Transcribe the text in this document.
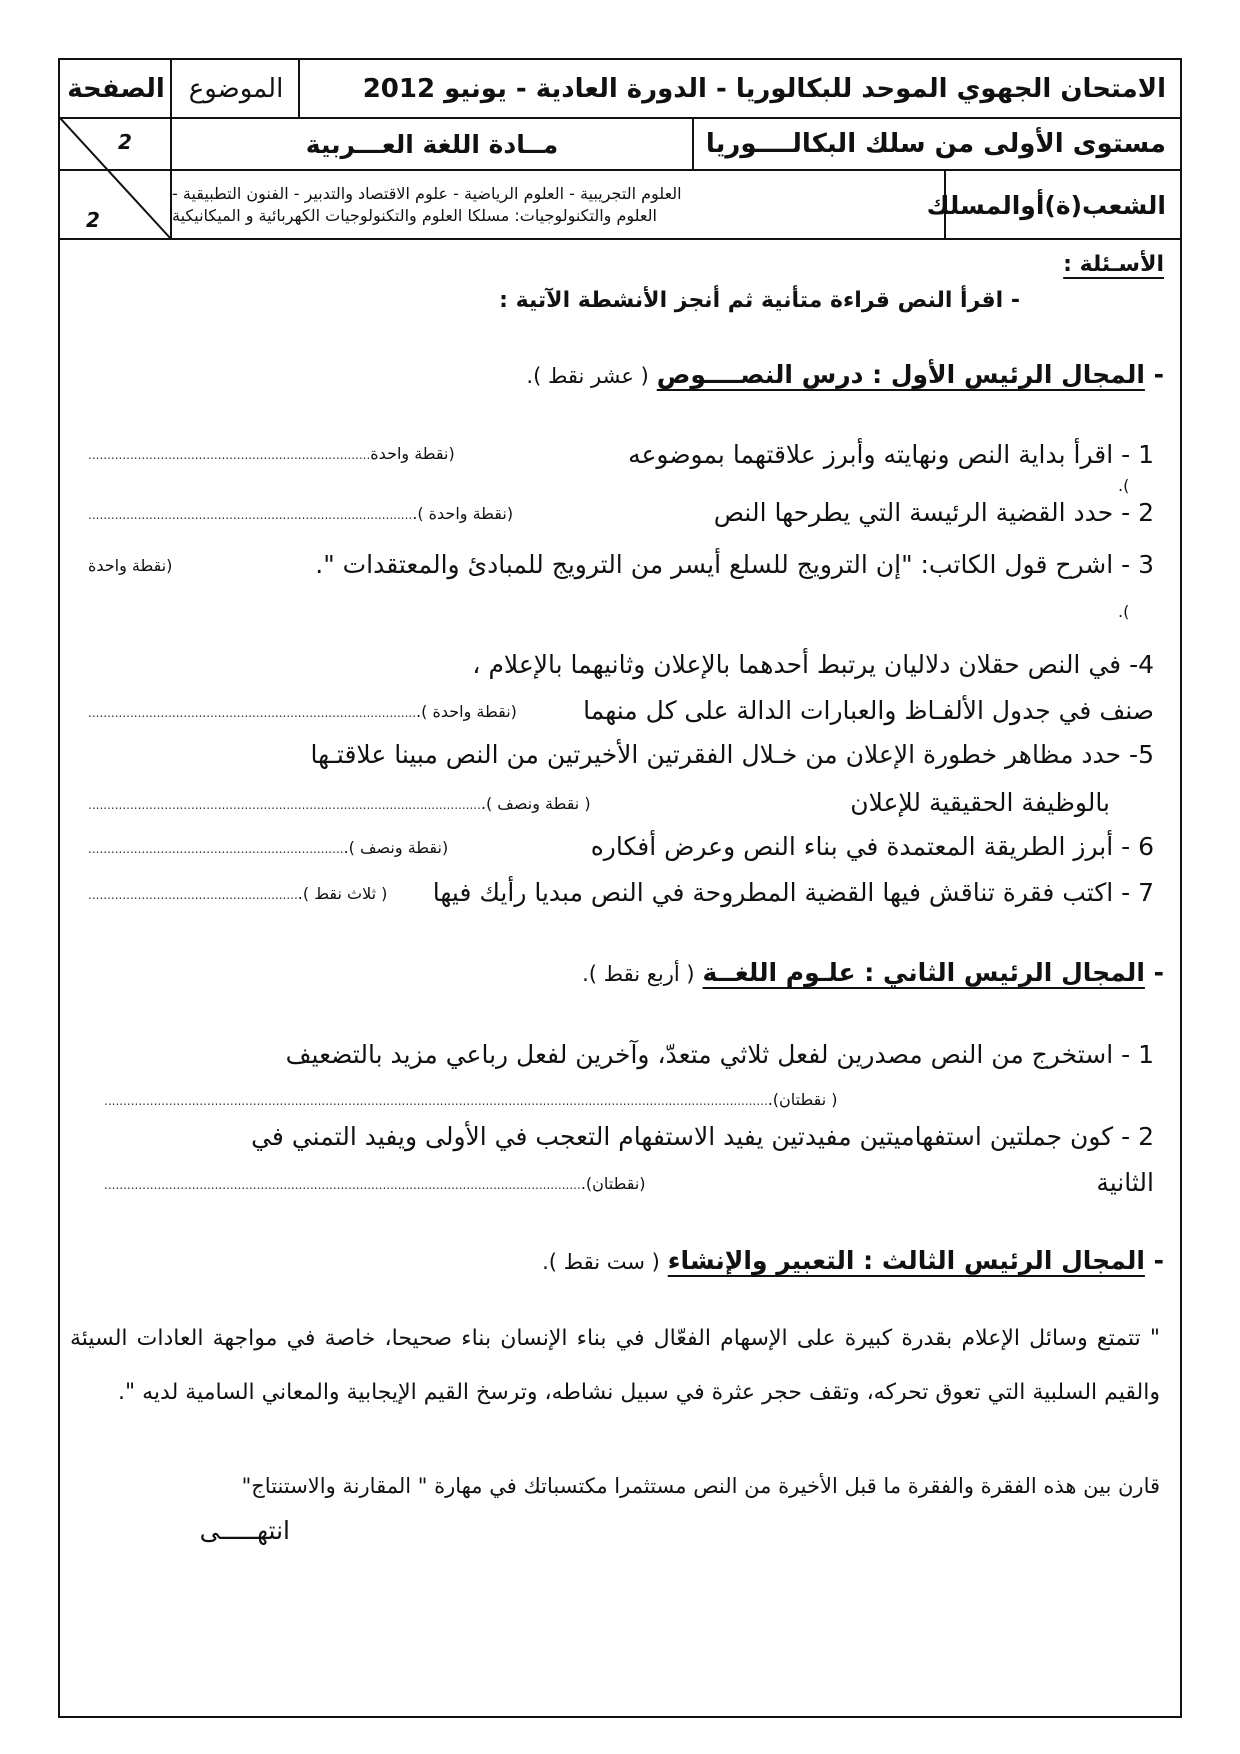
الامتحان الجهوي الموحد للبكالوريا - الدورة العادية - يونيو 2012
الموضوع
الصفحة
2
2
مستوى الأولى من سلك البكالــــوريا
مــادة اللغة العـــربية
الشعب(ة)أوالمسلك
العلوم التجريبية - العلوم الرياضية - علوم الاقتصاد والتدبير - الفنون التطبيقية -
العلوم والتكنولوجيات: مسلكا العلوم والتكنولوجيات الكهربائية و الميكانيكية
الأسـئلة :
- اقرأ النص قراءة متأنية ثم أنجز الأنشطة الآتية :
- المجال الرئيس الأول : درس النصــــوص ( عشر نقط ).
1 - اقرأ بداية النص ونهايته وأبرز علاقتهما بموضوعه
(نقطة واحدة..........................................................................
).
2 - حدد القضية الرئيسة التي يطرحها النص
(نقطة واحدة )......................................................................................
3 - اشرح قول الكاتب: "إن الترويج للسلع أيسر من الترويج للمبادئ والمعتقدات ".
(نقطة واحدة
).
4- في النص حقلان دلاليان يرتبط أحدهما بالإعلان وثانيهما بالإعلام ،
صنف في جدول الألفـاظ والعبارات الدالة على كل منهما
(نقطة واحدة ).......................................................................................
5- حدد مظاهر خطورة الإعلان من خـلال الفقرتين الأخيرتين من النص مبينا علاقتـها
بالوظيفة الحقيقية للإعلان
( نقطة ونصف )........................................................................................................
6 - أبرز الطريقة المعتمدة في بناء النص وعرض أفكاره
(نقطة ونصف )....................................................................
7 - اكتب فقرة تناقش فيها القضية المطروحة في النص مبديا رأيك فيها
( ثلاث نقط )........................................................
- المجال الرئيس الثاني : علـوم اللغــة ( أربع نقط ).
1 - استخرج من النص مصدرين لفعل ثلاثي متعدّ، وآخرين لفعل رباعي مزيد بالتضعيف
( نقطتان)...............................................................................................................................................................................
2 - كون جملتين استفهاميتين مفيدتين يفيد الاستفهام التعجب في الأولى ويفيد التمني في
الثانية
(نقطتان)..............................................................................................................................
- المجال الرئيس الثالث : التعبير والإنشاء ( ست نقط ).
" تتمتع وسائل الإعلام بقدرة كبيرة على الإسهام الفعّال في بناء الإنسان بناء صحيحا، خاصة في مواجهة العادات السيئة والقيم السلبية التي تعوق تحركه، وتقف حجر عثرة في سبيل نشاطه، وترسخ القيم الإيجابية والمعاني السامية لديه ".
قارن بين هذه الفقرة والفقرة ما قبل الأخيرة من النص مستثمرا مكتسباتك في مهارة " المقارنة والاستنتاج"
انتهـــــى
